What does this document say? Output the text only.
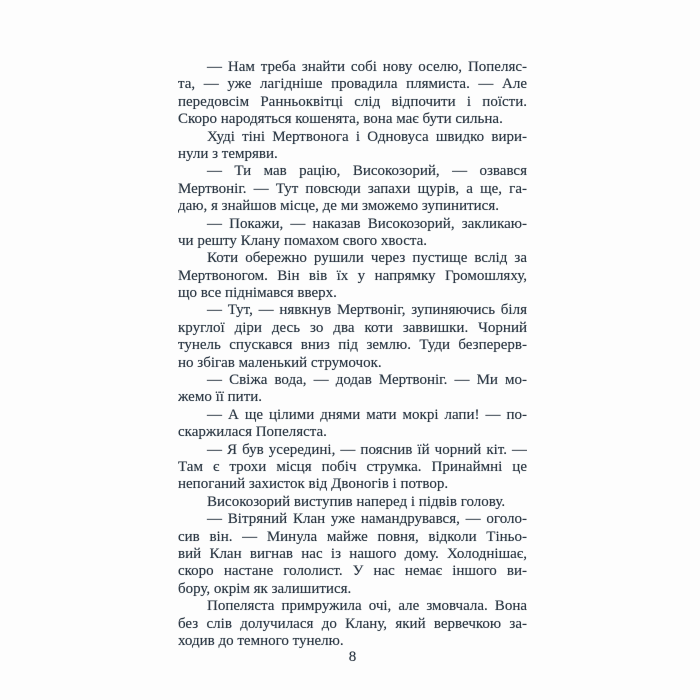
— Нам треба знайти собі нову оселю, Попеляс-
та, — уже лагідніше провадила плямиста. — Але
передовсім Ранньоквітці слід відпочити і поїсти.
Скоро народяться кошенята, вона має бути сильна.
Худі тіні Мертвонога і Одновуса швидко вири-
нули з темряви.
— Ти мав рацію, Високозорий, — озвався
Мертвоніг. — Тут повсюди запахи щурів, а ще, га-
даю, я знайшов місце, де ми зможемо зупинитися.
— Покажи, — наказав Високозорий, закликаю-
чи решту Клану помахом свого хвоста.
Коти обережно рушили через пустище вслід за
Мертвоногом. Він вів їх у напрямку Громошляху,
що все піднімався вверх.
— Тут, — нявкнув Мертвоніг, зупиняючись біля
круглої діри десь зо два коти заввишки. Чорний
тунель спускався вниз під землю. Туди безперерв-
но збігав маленький струмочок.
— Свіжа вода, — додав Мертвоніг. — Ми мо-
жемо її пити.
— А ще цілими днями мати мокрі лапи! — по-
скаржилася Попеляста.
— Я був усередині, — пояснив їй чорний кіт. —
Там є трохи місця побіч струмка. Принаймні це
непоганий захисток від Двоногів і потвор.
Високозорий виступив наперед і підвів голову.
— Вітряний Клан уже намандрувався, — оголо-
сив він. — Минула майже повня, відколи Тіньо-
вий Клан вигнав нас із нашого дому. Холоднішає,
скоро настане гололист. У нас немає іншого ви-
бору, окрім як залишитися.
Попеляста примружила очі, але змовчала. Вона
без слів долучилася до Клану, який вервечкою за-
ходив до темного тунелю.
8
